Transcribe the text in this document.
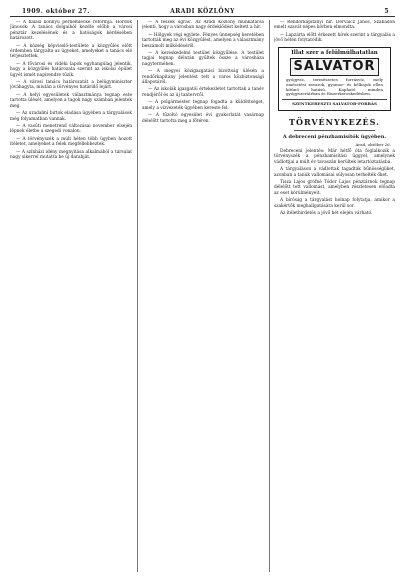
1909. október 27.	ARADI KÖZLÖNY	5

— A halasi könnyű pernemlecke reformja. Hordók Jánosok: A tanács dolgaiból kezdte előbb a városi pénztár kezelésének és a hatóságok kérdésében határozott.

— A község képviselő-testülete a közgyűlés előtt érdemben tárgyalta az ügyeket, amelyeket a tanács elé terjesztettek.

— A fővárosi és vidéki lapok egyhangúlag jelentik, hogy a közgyűlés határozata szerint az iskolai épület ügyét ismét napirendre tűzik.

— A városi tanács határozatát a belügyminiszter jóváhagyta, miután a törvényes határidő lejárt.

— A helyi egyesületek választmánya tegnap este tartotta ülését, amelyen a tagok nagy számban jelentek meg.

— Az uradalmi birtok eladása ügyében a tárgyalások még folyamatban vannak.

— A vasúti menetrend változásai november elsején lépnek életbe a szegedi vonalon.

— A törvényszék a múlt héten több ügyben hozott ítéletet, amelyeket a felek megfellebbeztek.

— A színházi idény megnyitása alkalmából a társulat nagy sikerrel mutatta be új darabját.

— A fészek ugrás'. Az Aradi Közlöny munkatársa jelenti, hogy a városban nagy érdeklődést keltett a hír.

— Hölgyek régi egylete. Fényes ünnepség keretében tartották meg az évi közgyűlést, amelyen a választmány beszámolt működéséről.

— A kereskedelmi testület közgyűlése. A testület tagjai tegnap délután gyűltek össze a városháza nagytermében.

— A megyei közigazgatási bizottság ülésén a rendőrkapitány jelentést tett a város közbiztonsági állapotáról.

— Az iskolák igazgatói értekezletet tartottak a tanév rendjéről és az új tantervről.

— A polgármester tegnap fogadta a küldöttséget, amely a vízvezeték ügyében kereste fel.

— A tűzoltó egyesület évi gyakorlatát vasárnap délelőtt tartotta meg a főtéren.

— Rendőrkapitányi hír. Dervaicz János, Szabadon emelt szavát népes körben elmondta.

— Lapzárta előtt érkezett hírek szerint a tárgyalás a jövő héten folytatódik.

Illat szer a felülmúlhatatlan
SALVATOR
gyógyvíz, természetes forrásvíz, mely emésztési zavarok, gyomor- és bélbajok ellen kitűnő hatású. Kapható minden gyógyszertárban és fűszerkereskedésben.
SZENTKERESZTI SALVATOR-FORRÁS
TÖRVÉNYKEZÉS.
A debreceni pénzhamisítók ügyében.
Arad, október 26.

Debreceni jelentés: Már hétfő óta foglalkozik a törvényszék a pénzhamisítási üggyel, amelynek vádlottjai a múlt év tavaszán kerültek letartóztatásba.

A tárgyaláson a vádlottak tagadták bűnösségüket, azonban a tanúk vallomásai súlyosan terhelték őket.

Tisza Lajos grófné Tódor Lajos pénztárnok tegnap délelőtt tett vallomást, amelyben részletesen előadta az eset körülményeit.

A bíróság a tárgyalást holnap folytatja, amikor a szakértők meghallgatására kerül sor.

Az ítélethirdetés a jövő hét elején várható.
